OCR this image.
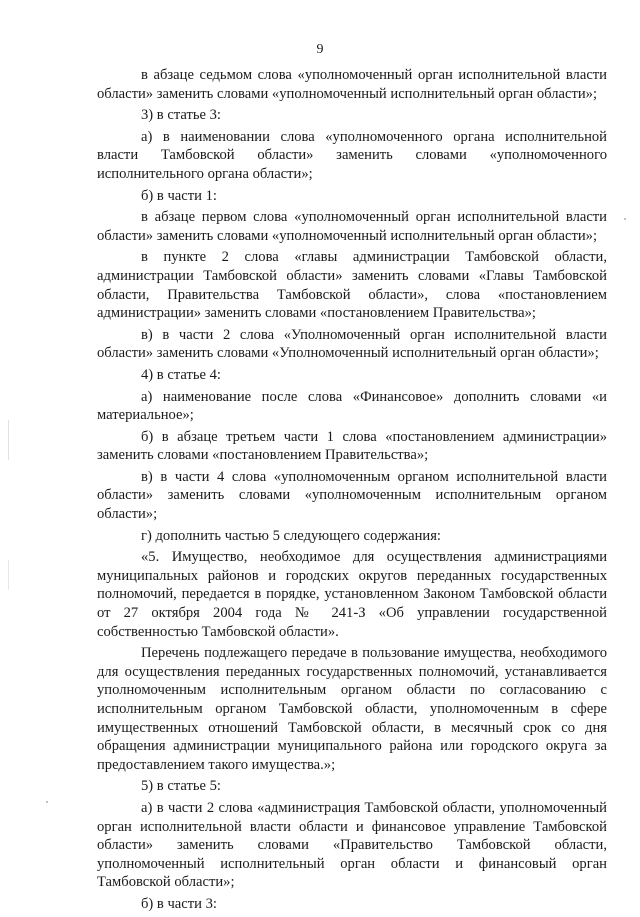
9

в абзаце седьмом слова «уполномоченный орган исполнительной власти области» заменить словами «уполномоченный исполнительный орган области»;

3) в статье 3:

а) в наименовании слова «уполномоченного органа исполнительной власти Тамбовской области» заменить словами «уполномоченного исполнительного органа области»;

б) в части 1:

в абзаце первом слова «уполномоченный орган исполнительной власти области» заменить словами «уполномоченный исполнительный орган области»;

в пункте 2 слова «главы администрации Тамбовской области, администрации Тамбовской области» заменить словами «Главы Тамбовской области, Правительства Тамбовской области», слова «постановлением администрации» заменить словами «постановлением Правительства»;

в) в части 2 слова «Уполномоченный орган исполнительной власти области» заменить словами «Уполномоченный исполнительный орган области»;

4) в статье 4:

а) наименование после слова «Финансовое» дополнить словами «и материальное»;

б) в абзаце третьем части 1 слова «постановлением администрации» заменить словами «постановлением Правительства»;

в) в части 4 слова «уполномоченным органом исполнительной власти области» заменить словами «уполномоченным исполнительным органом области»;

г) дополнить частью 5 следующего содержания:

«5. Имущество, необходимое для осуществления администрациями муниципальных районов и городских округов переданных государственных полномочий, передается в порядке, установленном Законом Тамбовской области от 27 октября 2004 года № 241-З «Об управлении государственной собственностью Тамбовской области».

Перечень подлежащего передаче в пользование имущества, необходимого для осуществления переданных государственных полномочий, устанавливается уполномоченным исполнительным органом области по согласованию с исполнительным органом Тамбовской области, уполномоченным в сфере имущественных отношений Тамбовской области, в месячный срок со дня обращения администрации муниципального района или городского округа за предоставлением такого имущества.»;

5) в статье 5:

а) в части 2 слова «администрация Тамбовской области, уполномоченный орган исполнительной власти области и финансовое управление Тамбовской области» заменить словами «Правительство Тамбовской области, уполномоченный исполнительный орган области и финансовый орган Тамбовской области»;

б) в части 3:
